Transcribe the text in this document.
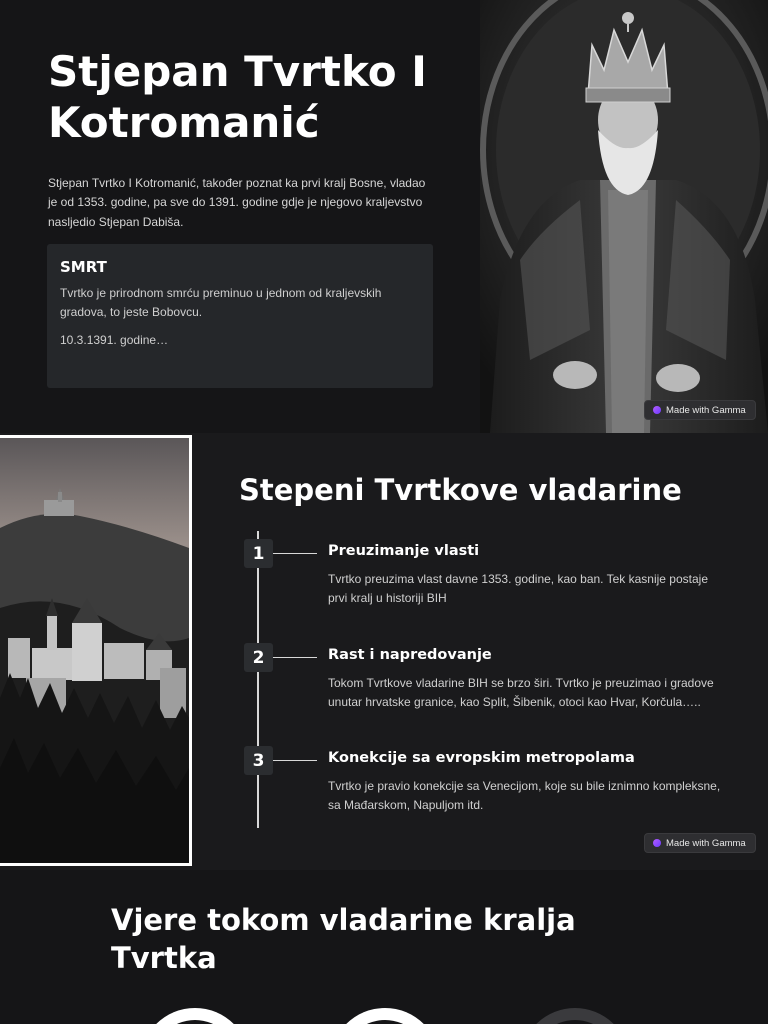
Stjepan Tvrtko I Kotromanić

Stjepan Tvrtko I Kotromanić, također poznat ka prvi kralj Bosne, vladao je od 1353. godine, pa sve do 1391. godine gdje je njegovo kraljevstvo nasljedio Stjepan Dabiša.

SMRT

Tvrtko je prirodnom smrću preminuo u jednom od kraljevskih gradova, to jeste Bobovcu.

10.3.1391. godine…

Made with Gamma
Stepeni Tvrtkove vladarine
1	Preuzimanje vlasti

Tvrtko preuzima vlast davne 1353. godine, kao ban. Tek kasnije postaje prvi kralj u historiji BIH

2	Rast i napredovanje

Tokom Tvrtkove vladarine BIH se brzo širi. Tvrtko je preuzimao i gradove unutar hrvatske granice, kao Split, Šibenik, otoci kao Hvar, Korčula…..

3	Konekcije sa evropskim metropolama

Tvrtko je pravio konekcije sa Venecijom, koje su bile iznimno kompleksne, sa Mađarskom, Napuljom itd.

Made with Gamma
Vjere tokom vladarine kralja Tvrtka
